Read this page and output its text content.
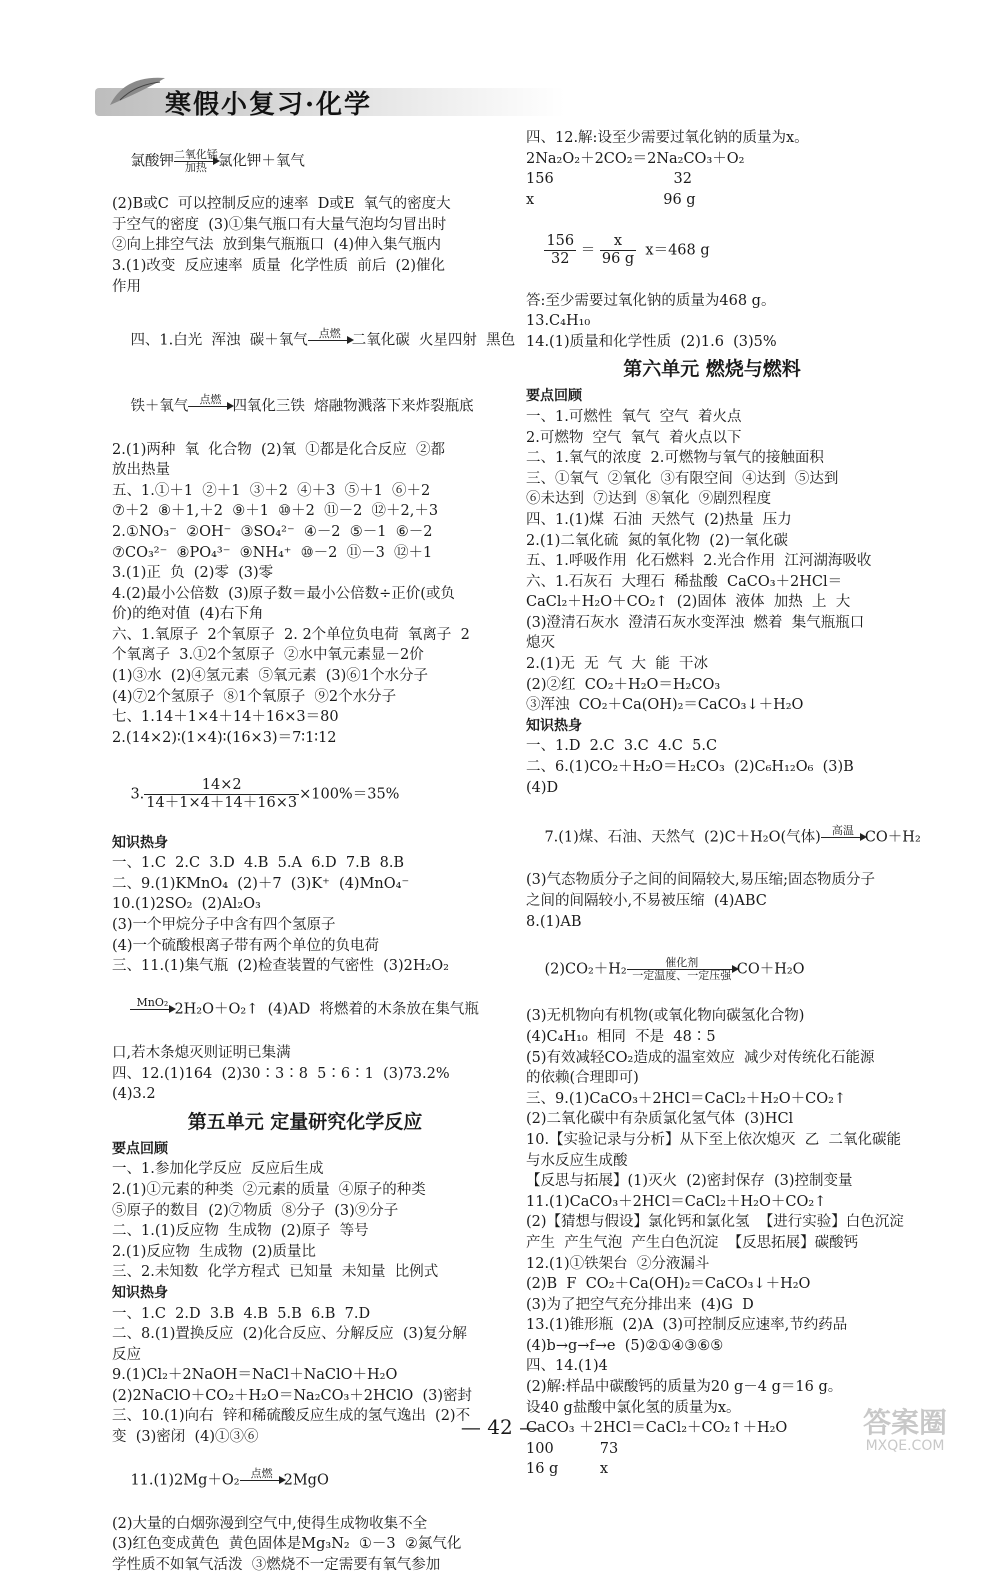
寒假小复习·化学

氯酸钾 二氧化锰
加热 氯化钾＋氧气

(2)B或C  可以控制反应的速率  D或E  氧气的密度大
于空气的密度  (3)①集气瓶口有大量气泡均匀冒出时
②向上排空气法  放到集气瓶瓶口  (4)伸入集气瓶内
3.(1)改变  反应速率  质量  化学性质  前后  (2)催化
作用

四、1.白光  浑浊  碳＋氧气	点燃
二氧化碳  火星四射  黑色

铁＋氧气	点燃
四氧化三铁  熔融物溅落下来炸裂瓶底

2.(1)两种  氧  化合物  (2)氧  ①都是化合反应  ②都
放出热量
五、1.①＋1  ②＋1  ③＋2  ④＋3  ⑤＋1  ⑥＋2
⑦＋2  ⑧＋1,＋2  ⑨＋1  ⑩＋2  ⑪－2  ⑫＋2,＋3
2.①NO₃⁻  ②OH⁻  ③SO₄²⁻  ④－2  ⑤－1  ⑥－2
⑦CO₃²⁻  ⑧PO₄³⁻  ⑨NH₄⁺  ⑩－2  ⑪－3  ⑫＋1
3.(1)正  负  (2)零  (3)零
4.(2)最小公倍数  (3)原子数＝最小公倍数÷正价(或负
价)的绝对值  (4)右下角
六、1.氧原子  2个氧原子  2. 2个单位负电荷  氧离子  2
个氧离子  3.①2个氢原子  ②水中氧元素显－2价
(1)③水  (2)④氢元素  ⑤氧元素  (3)⑥1个水分子
(4)⑦2个氢原子  ⑧1个氧原子  ⑨2个水分子
七、1.14＋1×4＋14＋16×3＝80
2.(14×2)∶(1×4)∶(16×3)＝7∶1∶12

3. $\frac{14\times 2}{14+1\times 4+14+16\times 3} \times 100\%=35\%$

知识热身
一、1.C  2.C  3.D  4.B  5.A  6.D  7.B  8.B
二、9.(1)KMnO₄  (2)＋7  (3)K⁺  (4)MnO₄⁻
10.(1)2SO₂  (2)Al₂O₃
(3)一个甲烷分子中含有四个氢原子
(4)一个硫酸根离子带有两个单位的负电荷
三、11.(1)集气瓶  (2)检查装置的气密性  (3)2H₂O₂

MnO₂
2H₂O＋O₂↑  (4)AD  将燃着的木条放在集气瓶

口,若木条熄灭则证明已集满
四、12.(1)164  (2)30∶3∶8  5∶6∶1  (3)73.2%
(4)3.2
第五单元 定量研究化学反应
要点回顾
一、1.参加化学反应  反应后生成
2.(1)①元素的种类  ②元素的质量  ④原子的种类
⑤原子的数目  (2)⑦物质  ⑧分子  (3)⑨分子
二、1.(1)反应物  生成物  (2)原子  等号
2.(1)反应物  生成物  (2)质量比
三、2.未知数  化学方程式  已知量  未知量  比例式
知识热身
一、1.C  2.D  3.B  4.B  5.B  6.B  7.D
二、8.(1)置换反应  (2)化合反应、分解反应  (3)复分解
反应
9.(1)Cl₂＋2NaOH＝NaCl＋NaClO＋H₂O
(2)2NaClO＋CO₂＋H₂O＝Na₂CO₃＋2HClO  (3)密封
三、10.(1)向右  锌和稀硫酸反应生成的氢气逸出  (2)不
变  (3)密闭  (4)①③⑥

11.(1)2Mg＋O₂	点燃
2MgO

(2)大量的白烟弥漫到空气中,使得生成物收集不全
(3)红色变成黄色  黄色固体是Mg₃N₂  ①－3  ②氮气化
学性质不如氧气活泼  ③燃烧不一定需要有氧气参加
四、12.解:设至少需要过氧化钠的质量为x。
2Na₂O₂＋2CO₂＝2Na₂CO₃＋O₂
156                          32
x                            96 g

$\frac{156}{32} = \frac{x}{96 g} x=468$ g

答:至少需要过氧化钠的质量为468 g。
13.C₄H₁₀
14.(1)质量和化学性质  (2)1.6  (3)5%
第六单元 燃烧与燃料
要点回顾
一、1.可燃性  氧气  空气  着火点
2.可燃物  空气  氧气  着火点以下
二、1.氧气的浓度  2.可燃物与氧气的接触面积
三、①氧气  ②氧化  ③有限空间  ④达到  ⑤达到
⑥未达到  ⑦达到  ⑧氧化  ⑨剧烈程度
四、1.(1)煤  石油  天然气  (2)热量  压力
2.(1)二氧化硫  氮的氧化物  (2)一氧化碳
五、1.呼吸作用  化石燃料  2.光合作用  江河湖海吸收
六、1.石灰石  大理石  稀盐酸  CaCO₃＋2HCl＝
CaCl₂＋H₂O＋CO₂↑  (2)固体  液体  加热  上  大
(3)澄清石灰水  澄清石灰水变浑浊  燃着  集气瓶瓶口
熄灭
2.(1)无  无  气  大  能  干冰
(2)②红  CO₂＋H₂O＝H₂CO₃
③浑浊  CO₂＋Ca(OH)₂＝CaCO₃↓＋H₂O
知识热身
一、1.D  2.C  3.C  4.C  5.C
二、6.(1)CO₂＋H₂O＝H₂CO₃  (2)C₆H₁₂O₆  (3)B
(4)D

7.(1)煤、石油、天然气  (2)C＋H₂O(气体)	高温
CO＋H₂

(3)气态物质分子之间的间隔较大,易压缩;固态物质分子
之间的间隔较小,不易被压缩  (4)ABC
8.(1)AB

(2)CO₂＋H₂	催化剂
一定温度、一定压强 CO＋H₂O

(3)无机物向有机物(或氧化物向碳氢化合物)
(4)C₄H₁₀  相同  不是  48∶5
(5)有效减轻CO₂造成的温室效应  减少对传统化石能源
的依赖(合理即可)
三、9.(1)CaCO₃＋2HCl＝CaCl₂＋H₂O＋CO₂↑
(2)二氧化碳中有杂质氯化氢气体  (3)HCl
10.【实验记录与分析】从下至上依次熄灭  乙  二氧化碳能
与水反应生成酸
【反思与拓展】(1)灭火  (2)密封保存  (3)控制变量
11.(1)CaCO₃＋2HCl＝CaCl₂＋H₂O＋CO₂↑
(2)【猜想与假设】氯化钙和氯化氢  【进行实验】白色沉淀
产生  产生气泡  产生白色沉淀  【反思拓展】碳酸钙
12.(1)①铁架台  ②分液漏斗
(2)B  F  CO₂＋Ca(OH)₂＝CaCO₃↓＋H₂O
(3)为了把空气充分排出来  (4)G  D
13.(1)锥形瓶  (2)A  (3)可控制反应速率,节约药品
(4)b→g→f→e  (5)②①④③⑥⑤
四、14.(1)4
(2)解:样品中碳酸钙的质量为20 g－4 g＝16 g。
设40 g盐酸中氯化氢的质量为x。
CaCO₃ ＋2HCl＝CaCl₂＋CO₂↑＋H₂O
100          73
16 g         x
— 42 —	答案圈
MXQE.COM
